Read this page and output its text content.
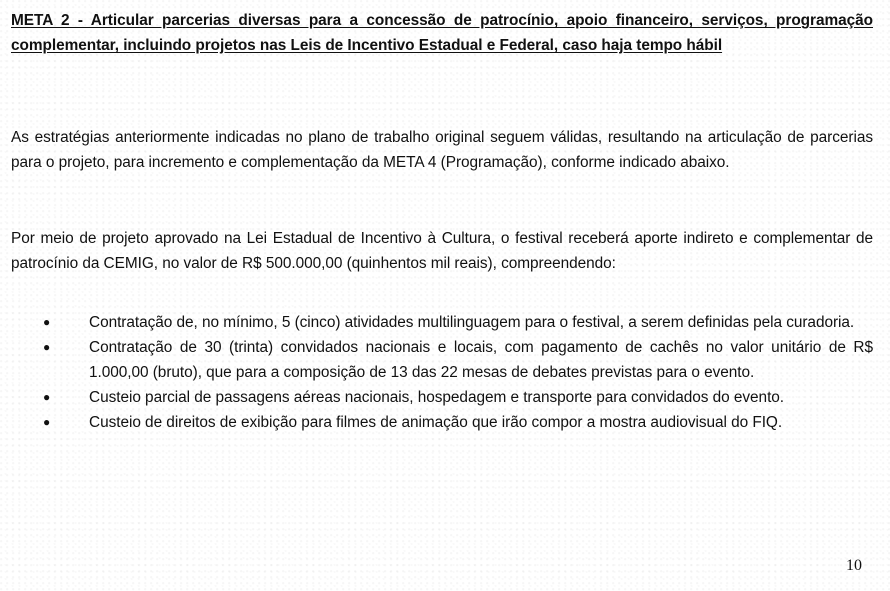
META 2 - Articular parcerias diversas para a concessão de patrocínio, apoio financeiro, serviços, programação complementar, incluindo projetos nas Leis de Incentivo Estadual e Federal, caso haja tempo hábil

As estratégias anteriormente indicadas no plano de trabalho original seguem válidas, resultando na articulação de parcerias para o projeto, para incremento e complementação da META 4 (Programação), conforme indicado abaixo.

Por meio de projeto aprovado na Lei Estadual de Incentivo à Cultura, o festival receberá aporte indireto e complementar de patrocínio da CEMIG, no valor de R$ 500.000,00 (quinhentos mil reais), compreendendo:

●	Contratação de, no mínimo, 5 (cinco) atividades multilinguagem para o festival, a serem definidas pela curadoria.
●	Contratação de 30 (trinta) convidados nacionais e locais, com pagamento de cachês no valor unitário de R$ 1.000,00 (bruto), que para a composição de 13 das 22 mesas de debates previstas para o evento.
●	Custeio parcial de passagens aéreas nacionais, hospedagem e transporte para convidados do evento.
●	Custeio de direitos de exibição para filmes de animação que irão compor a mostra audiovisual do FIQ.

10
